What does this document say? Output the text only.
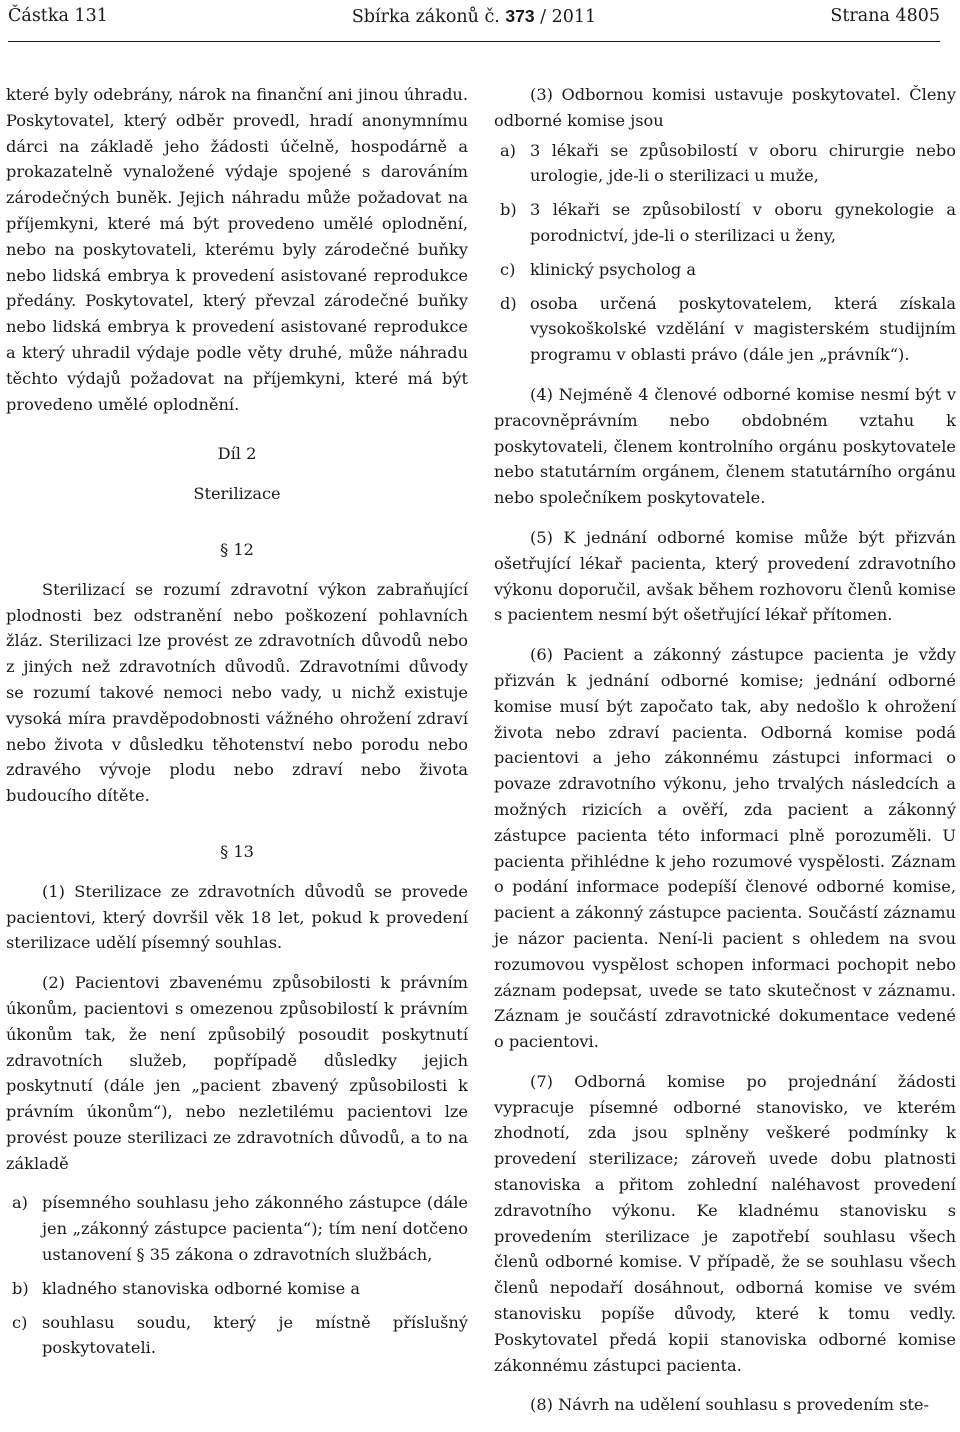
Částka 131	Sbírka zákonů č. 373 / 2011	Strana 4805

které byly odebrány, nárok na finanční ani jinou úhradu. Poskytovatel, který odběr provedl, hradí anonymnímu dárci na základě jeho žádosti účelně, hospodárně a prokazatelně vynaložené výdaje spojené s darováním zárodečných buněk. Jejich náhradu může požadovat na příjemkyni, které má být provedeno umělé oplodnění, nebo na poskytovateli, kterému byly zárodečné buňky nebo lidská embrya k provedení asistované reprodukce předány. Poskytovatel, který převzal zárodečné buňky nebo lidská embrya k provedení asistované reprodukce a který uhradil výdaje podle věty druhé, může náhradu těchto výdajů požadovat na příjemkyni, které má být provedeno umělé oplodnění.

Díl 2

Sterilizace

§ 12

Sterilizací se rozumí zdravotní výkon zabraňující plodnosti bez odstranění nebo poškození pohlavních žláz. Sterilizaci lze provést ze zdravotních důvodů nebo z jiných než zdravotních důvodů. Zdravotními důvody se rozumí takové nemoci nebo vady, u nichž existuje vysoká míra pravděpodobnosti vážného ohrožení zdraví nebo života v důsledku těhotenství nebo porodu nebo zdravého vývoje plodu nebo zdraví nebo života budoucího dítěte.

§ 13

(1) Sterilizace ze zdravotních důvodů se provede pacientovi, který dovršil věk 18 let, pokud k provedení sterilizace udělí písemný souhlas.

(2) Pacientovi zbavenému způsobilosti k právním úkonům, pacientovi s omezenou způsobilostí k právním úkonům tak, že není způsobilý posoudit poskytnutí zdravotních služeb, popřípadě důsledky jejich poskytnutí (dále jen „pacient zbavený způsobilosti k právním úkonům“), nebo nezletilému pacientovi lze provést pouze sterilizaci ze zdravotních důvodů, a to na základě

a) písemného souhlasu jeho zákonného zástupce (dále jen „zákonný zástupce pacienta“); tím není dotčeno ustanovení § 35 zákona o zdravotních službách,
b) kladného stanoviska odborné komise a
c) souhlasu soudu, který je místně příslušný poskytovateli.

(3) Odbornou komisi ustavuje poskytovatel. Členy odborné komise jsou

a) 3 lékaři se způsobilostí v oboru chirurgie nebo urologie, jde-li o sterilizaci u muže,
b) 3 lékaři se způsobilostí v oboru gynekologie a porodnictví, jde-li o sterilizaci u ženy,
c) klinický psycholog a
d) osoba určená poskytovatelem, která získala vysokoškolské vzdělání v magisterském studijním programu v oblasti právo (dále jen „právník“).

(4) Nejméně 4 členové odborné komise nesmí být v pracovněprávním nebo obdobném vztahu k poskytovateli, členem kontrolního orgánu poskytovatele nebo statutárním orgánem, členem statutárního orgánu nebo společníkem poskytovatele.

(5) K jednání odborné komise může být přizván ošetřující lékař pacienta, který provedení zdravotního výkonu doporučil, avšak během rozhovoru členů komise s pacientem nesmí být ošetřující lékař přítomen.

(6) Pacient a zákonný zástupce pacienta je vždy přizván k jednání odborné komise; jednání odborné komise musí být započato tak, aby nedošlo k ohrožení života nebo zdraví pacienta. Odborná komise podá pacientovi a jeho zákonnému zástupci informaci o povaze zdravotního výkonu, jeho trvalých následcích a možných rizicích a ověří, zda pacient a zákonný zástupce pacienta této informaci plně porozuměli. U pacienta přihlédne k jeho rozumové vyspělosti. Záznam o podání informace podepíší členové odborné komise, pacient a zákonný zástupce pacienta. Součástí záznamu je názor pacienta. Není-li pacient s ohledem na svou rozumovou vyspělost schopen informaci pochopit nebo záznam podepsat, uvede se tato skutečnost v záznamu. Záznam je součástí zdravotnické dokumentace vedené o pacientovi.

(7) Odborná komise po projednání žádosti vypracuje písemné odborné stanovisko, ve kterém zhodnotí, zda jsou splněny veškeré podmínky k provedení sterilizace; zároveň uvede dobu platnosti stanoviska a přitom zohlední naléhavost provedení zdravotního výkonu. Ke kladnému stanovisku s provedením sterilizace je zapotřebí souhlasu všech členů odborné komise. V případě, že se souhlasu všech členů nepodaří dosáhnout, odborná komise ve svém stanovisku popíše důvody, které k tomu vedly. Poskytovatel předá kopii stanoviska odborné komise zákonnému zástupci pacienta.

(8) Návrh na udělení souhlasu s provedením ste-
